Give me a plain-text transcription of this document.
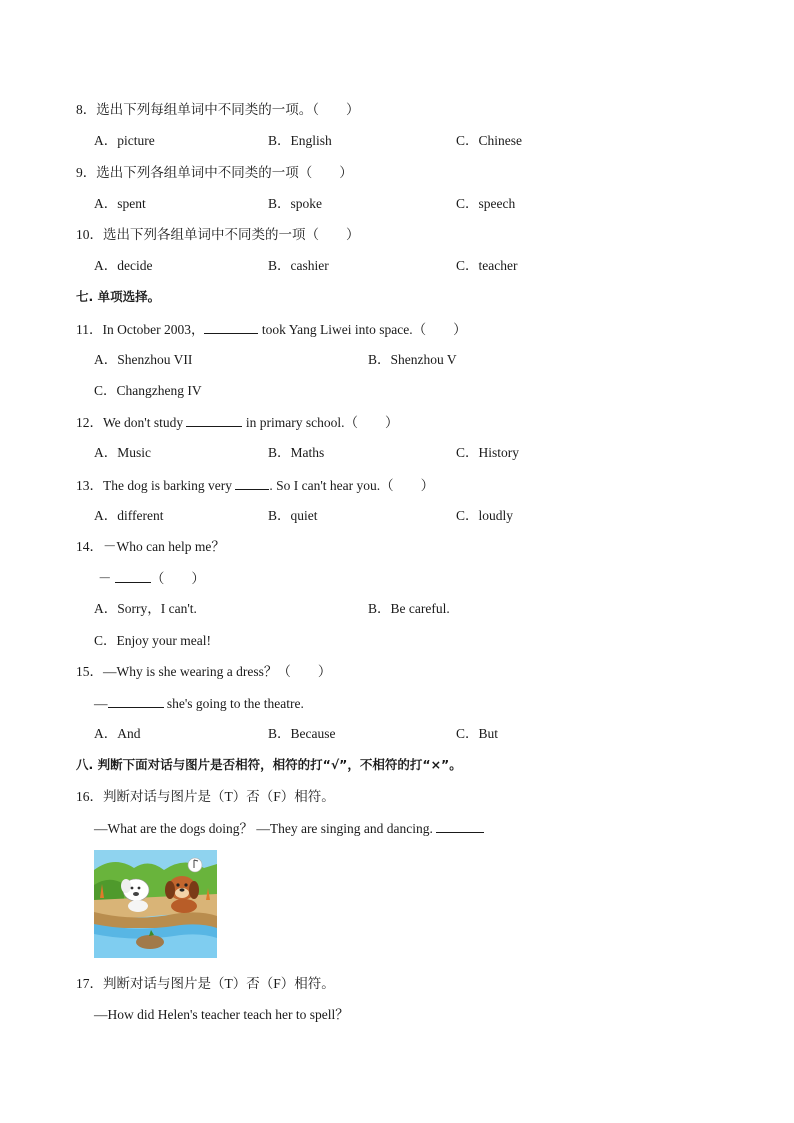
8．选出下列每组单词中不同类的一项。（　　）
A．picture	B．English	C．Chinese
9．选出下列各组单词中不同类的一项（　　）
A．spent	B．spoke	C．speech
10．选出下列各组单词中不同类的一项（　　）
A．decide	B．cashier	C．teacher
七. 单项选择。
11．In October 2003，	took Yang Liwei into space.（　　）
A．Shenzhou VII	B．Shenzhou V
C．Changzheng IV
12．We don't study	in primary school.（　　）
A．Music	B．Maths	C．History
13．The dog is barking very	. So I can't hear you.（　　）
A．different	B．quiet	C．loudly
14．－Who can help me？
－	（　　）
A．Sorry，I can't.	B．Be careful.
C．Enjoy your meal!
15．—Why is she wearing a dress？（　　）
—	she's going to the theatre.
A．And	B．Because	C．But
八. 判断下面对话与图片是否相符，相符的打“√”，不相符的打“×”。
16．判断对话与图片是（T）否（F）相符。
—What are the dogs doing？ —They are singing and dancing.
17．判断对话与图片是（T）否（F）相符。
—How did Helen's teacher teach her to spell？
